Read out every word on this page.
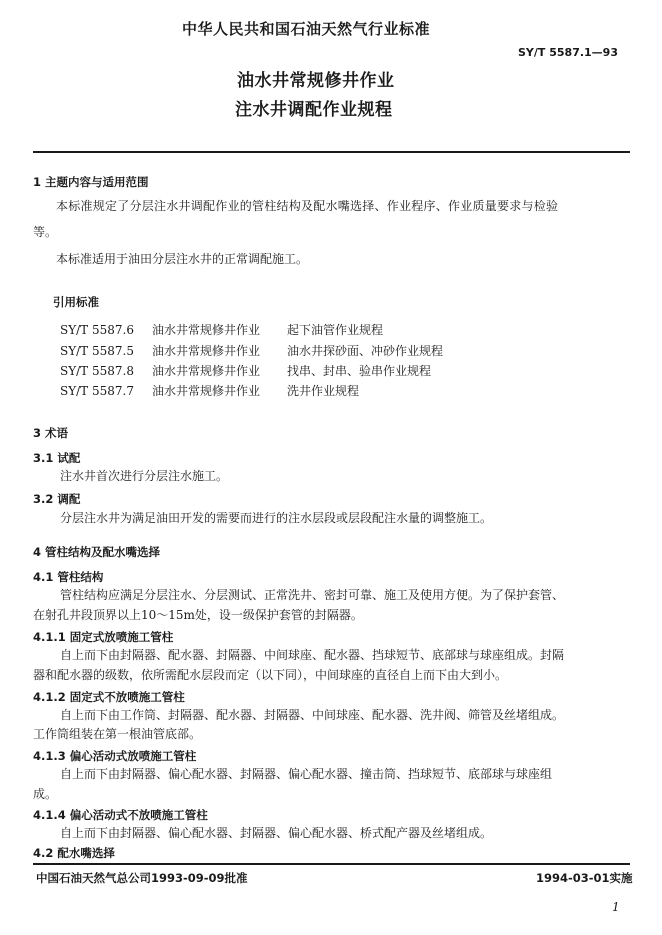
中华人民共和国石油天然气行业标准
SY/T 5587.1—93
油水井常规修井作业
注水井调配作业规程
1 主题内容与适用范围
本标准规定了分层注水井调配作业的管柱结构及配水嘴选择、作业程序、作业质量要求与检验
等。
本标准适用于油田分层注水井的正常调配施工。
引用标准
SY/T 5587.6 油水井常规修井作业 起下油管作业规程
SY/T 5587.5 油水井常规修井作业 油水井探砂面、冲砂作业规程
SY/T 5587.8 油水井常规修井作业 找串、封串、验串作业规程
SY/T 5587.7 油水井常规修井作业 洗井作业规程
3 术语
3.1 试配
注水井首次进行分层注水施工。
3.2 调配
分层注水井为满足油田开发的需要而进行的注水层段或层段配注水量的调整施工。
4 管柱结构及配水嘴选择
4.1 管柱结构
管柱结构应满足分层注水、分层测试、正常洗井、密封可靠、施工及使用方便。为了保护套管、
在射孔井段顶界以上10～15m处，设一级保护套管的封隔器。
4.1.1 固定式放喷施工管柱
自上而下由封隔器、配水器、封隔器、中间球座、配水器、挡球短节、底部球与球座组成。封隔
器和配水器的级数，依所需配水层段而定（以下同），中间球座的直径自上而下由大到小。
4.1.2 固定式不放喷施工管柱
自上而下由工作筒、封隔器、配水器、封隔器、中间球座、配水器、洗井阀、筛管及丝堵组成。
工作筒组装在第一根油管底部。
4.1.3 偏心活动式放喷施工管柱
自上而下由封隔器、偏心配水器、封隔器、偏心配水器、撞击筒、挡球短节、底部球与球座组
成。
4.1.4 偏心活动式不放喷施工管柱
自上而下由封隔器、偏心配水器、封隔器、偏心配水器、桥式配产器及丝堵组成。
4.2 配水嘴选择
中国石油天然气总公司1993-09-09批准	1994-03-01实施
1
